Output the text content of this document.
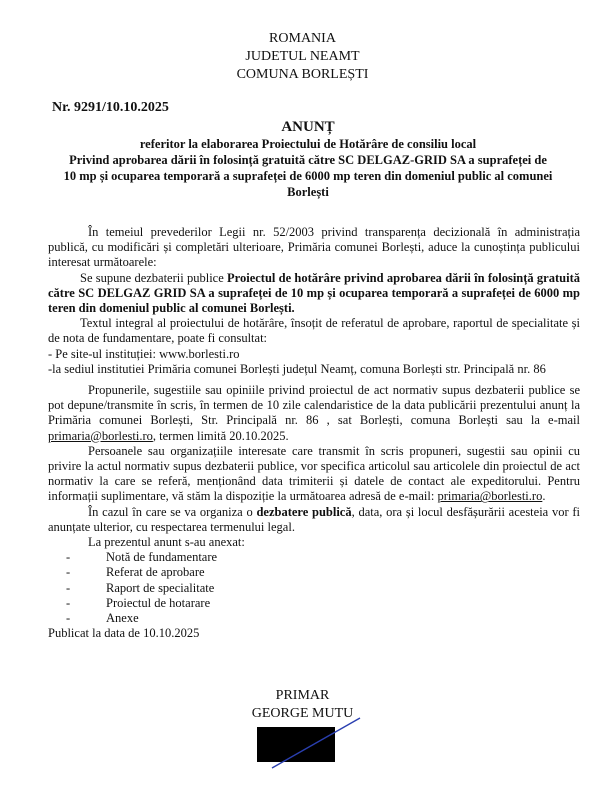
ROMANIA
JUDETUL NEAMT
COMUNA BORLEȘTI
Nr. 9291/10.10.2025
ANUNȚ
referitor la elaborarea Proiectului de Hotărâre de consiliu local
Privind aprobarea dării în folosință gratuită către SC DELGAZ-GRID SA a suprafeței de
10 mp și ocuparea temporară a suprafeței de 6000 mp teren din domeniul public al comunei
Borlești

În temeiul prevederilor Legii nr. 52/2003 privind transparența decizională în administrația publică, cu modificări și completări ulterioare, Primăria comunei Borlești, aduce la cunoștința publicului interesat următoarele:

Se supune dezbaterii publice Proiectul de hotărâre privind aprobarea dării în folosință gratuită către SC DELGAZ GRID SA a suprafeței de 10 mp și ocuparea temporară a suprafeței de 6000 mp teren din domeniul public al comunei Borlești.

Textul integral al proiectului de hotărâre, însoțit de referatul de aprobare, raportul de specialitate și de nota de fundamentare, poate fi consultat:

- Pe site-ul instituției: www.borlesti.ro

-la sediul institutiei Primăria comunei Borlești județul Neamț, comuna Borlești str. Principală nr. 86

Propunerile, sugestiile sau opiniile privind proiectul de act normativ supus dezbaterii publice se pot depune/transmite în scris, în termen de 10 zile calendaristice de la data publicării prezentului anunț la Primăria comunei Borlești, Str. Principală nr. 86 , sat Borlești, comuna Borlești sau la e-mail primaria@borlesti.ro, termen limită 20.10.2025.

Persoanele sau organizațiile interesate care transmit în scris propuneri, sugestii sau opinii cu privire la actul normativ supus dezbaterii publice, vor specifica articolul sau articolele din proiectul de act normativ la care se referă, menționând data trimiterii și datele de contact ale expeditorului. Pentru informații suplimentare, vă stăm la dispoziție la următoarea adresă de e-mail: primaria@borlesti.ro.

În cazul în care se va organiza o dezbatere publică, data, ora și locul desfășurării acesteia vor fi anunțate ulterior, cu respectarea termenului legal.

La prezentul anunt s-au anexat:

- Notă de fundamentare
- Referat de aprobare
- Raport de specialitate
- Proiectul de hotarare
- Anexe

Publicat la data de 10.10.2025

PRIMAR
GEORGE MUTU
